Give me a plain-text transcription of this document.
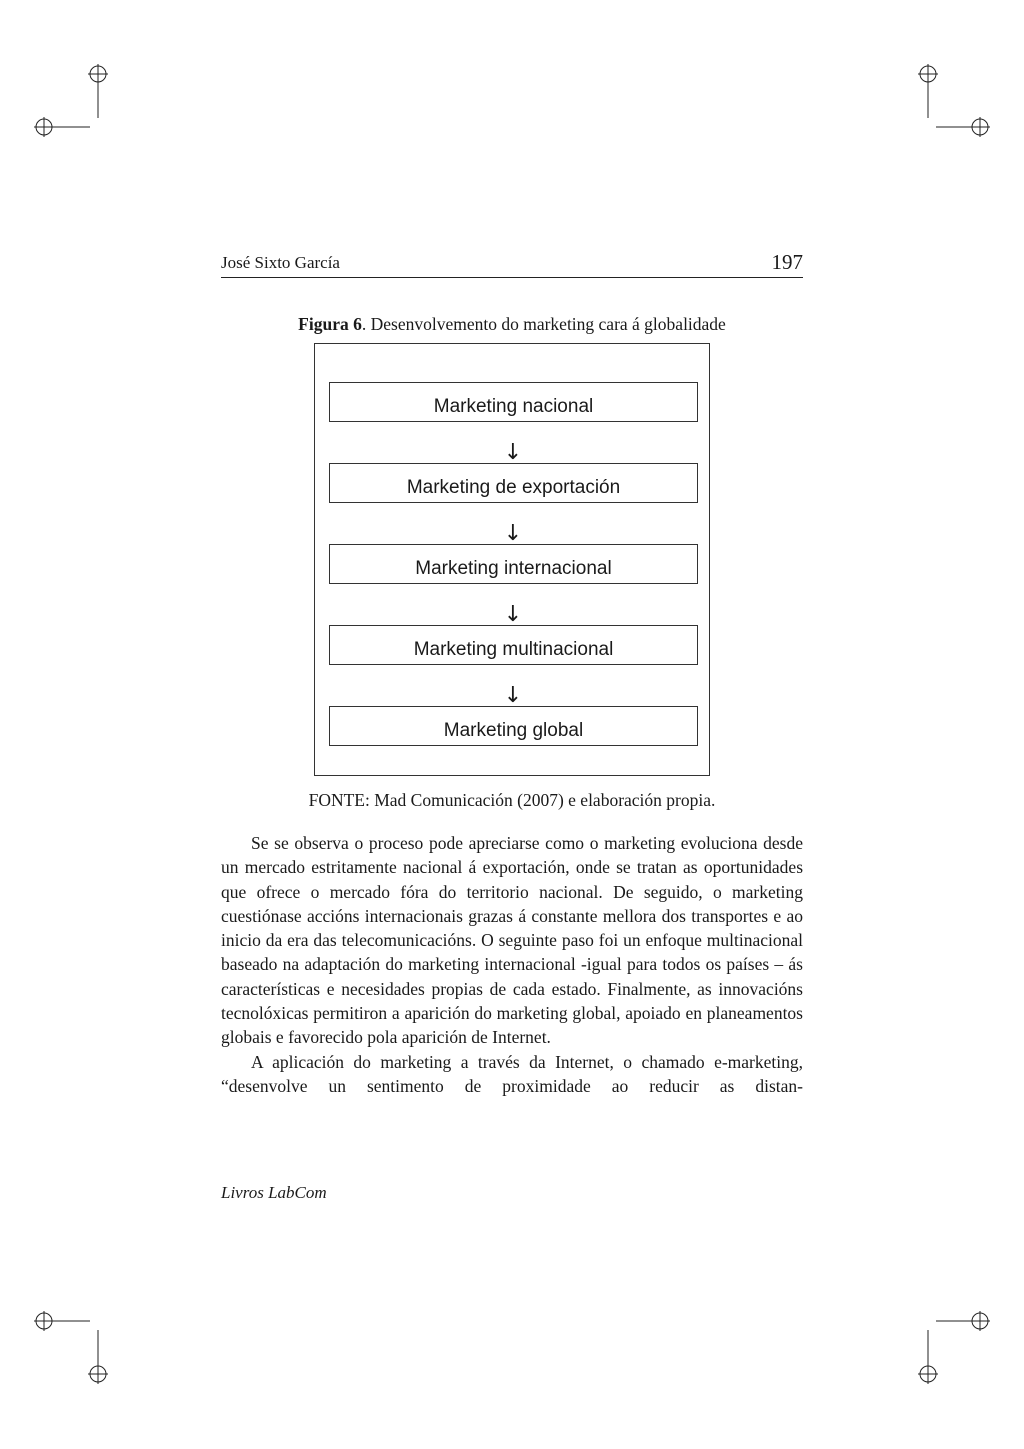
José Sixto García	197
Figura 6. Desenvolvemento do marketing cara á globalidade
Marketing nacional
↓
Marketing de exportación
↓
Marketing internacional
↓
Marketing multinacional
↓
Marketing global
FONTE: Mad Comunicación (2007) e elaboración propia.

Se se observa o proceso pode apreciarse como o marketing evoluciona desde un mercado estritamente nacional á exportación, onde se tratan as oportunidades que ofrece o mercado fóra do territorio nacional. De seguido, o marketing cuestiónase accións internacionais grazas á constante mellora dos transportes e ao inicio da era das telecomunicacións. O seguinte paso foi un enfoque multinacional baseado na adaptación do marketing internacional -igual para todos os países – ás características e necesidades propias de cada estado. Finalmente, as innovacións tecnolóxicas permitiron a aparición do marketing global, apoiado en planeamentos globais e favorecido pola aparición de Internet.

A aplicación do marketing a través da Internet, o chamado e-marketing, “desenvolve un sentimento de proximidade ao reducir as distan-

Livros LabCom
